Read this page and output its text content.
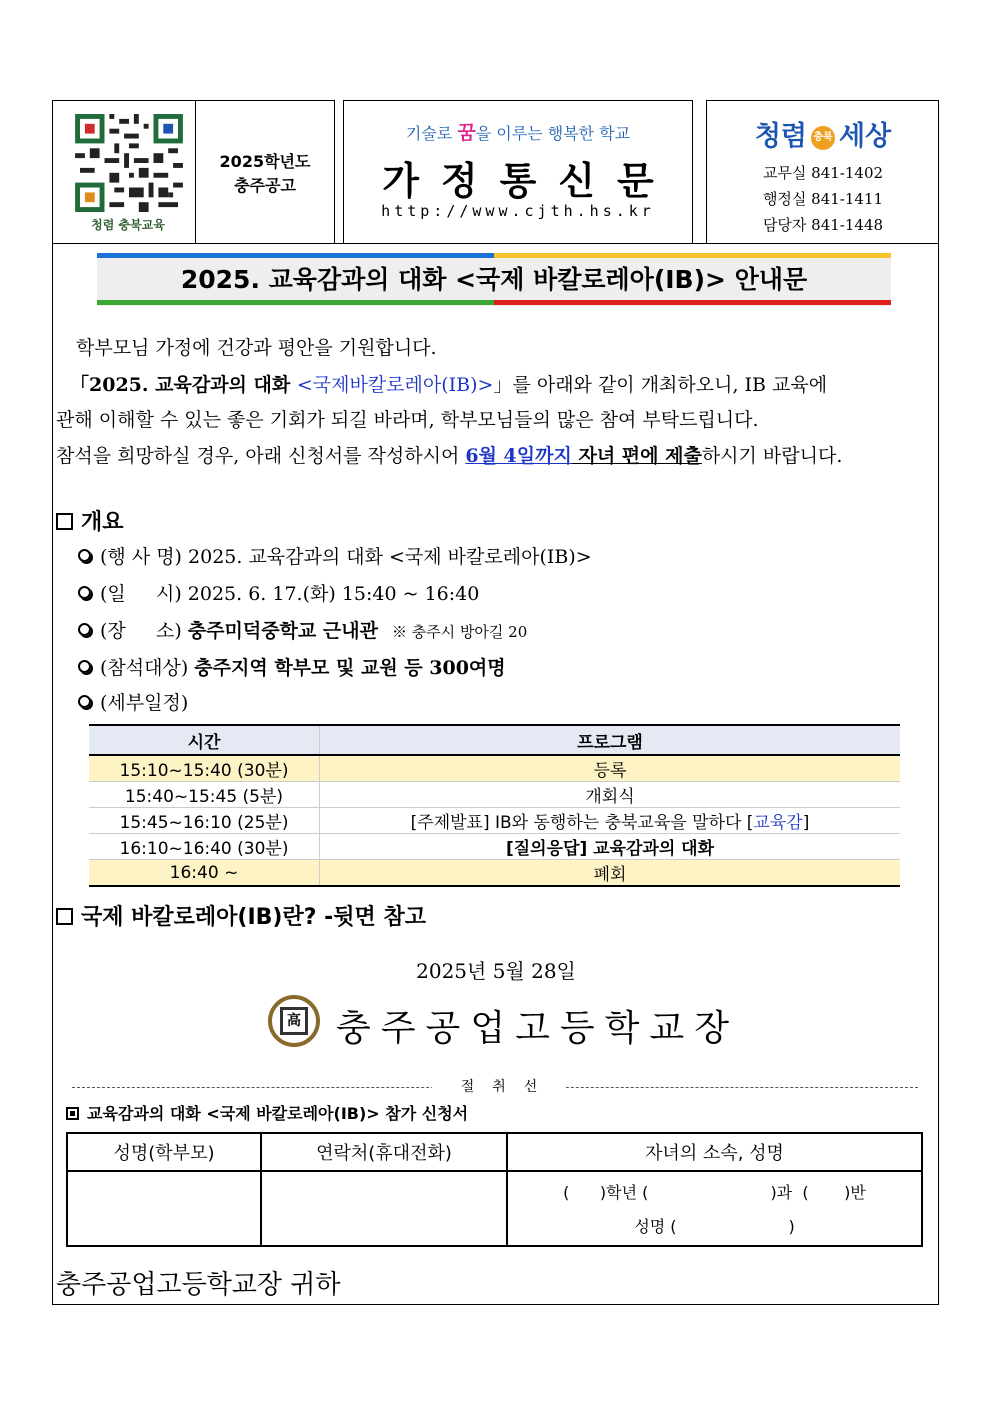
청렴 충북교육
2025학년도
충주공고
기술로 꿈을 이루는 행복한 학교
가정통신문
http://www.cjth.hs.kr
청렴 충북 세상
교무실 841-1402
행정실 841-1411
담당자 841-1448
2025. 교육감과의 대화 <국제 바칼로레아(IB)> 안내문
학부모님 가정에 건강과 평안을 기원합니다.
「2025. 교육감과의 대화 <국제바칼로레아(IB)>」를 아래와 같이 개최하오니, IB 교육에
관해 이해할 수 있는 좋은 기회가 되길 바라며, 학부모님들의 많은 참여 부탁드립니다.
참석을 희망하실 경우, 아래 신청서를 작성하시어 6월 4일까지 자녀 편에 제출하시기 바랍니다.
개요
(행 사 명) 2025. 교육감과의 대화 <국제 바칼로레아(IB)>
(일     시) 2025. 6. 17.(화) 15:40 ~ 16:40
(장     소) 충주미덕중학교 근내관 ※ 충주시 방아길 20
(참석대상) 충주지역 학부모 및 교원 등 300여명
(세부일정)
시간	프로그램
15:10~15:40 (30분)	등록
15:40~15:45 (5분)	개회식
15:45~16:10 (25분)	[주제발표] IB와 동행하는 충북교육을 말하다 [교육감]
16:10~16:40 (30분)	[질의응답] 교육감과의 대화
16:40 ~	폐회
국제 바칼로레아(IB)란? -뒷면 참고
2025년 5월 28일
高 충주공업고등학교장
절취선
교육감과의 대화 <국제 바칼로레아(IB)> 참가 신청서
성명(학부모)	연락처(휴대전화)	자녀의 소속, 성명

		(      )학년 (                        )과  (       )반
성명 (                      )
충주공업고등학교장 귀하
